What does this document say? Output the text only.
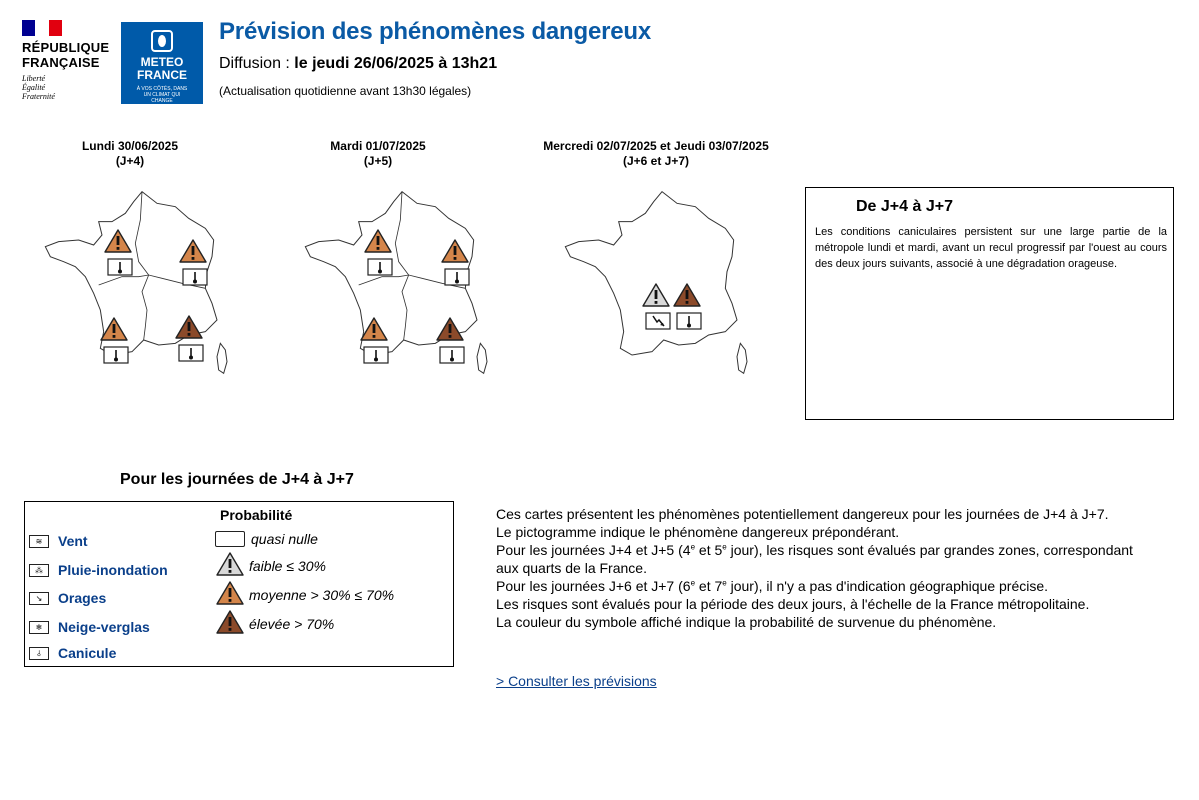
RÉPUBLIQUE
FRANÇAISE
Liberté
Égalité
Fraternité
METEO
FRANCE
À VOS CÔTÉS, DANS UN CLIMAT QUI CHANGE
Prévision des phénomènes dangereux
Diffusion : le jeudi 26/06/2025 à 13h21
(Actualisation quotidienne avant 13h30 légales)
Lundi 30/06/2025
(J+4)
Mardi 01/07/2025
(J+5)
Mercredi 02/07/2025 et Jeudi 03/07/2025
(J+6 et J+7)
De J+4 à J+7
Les conditions caniculaires persistent sur une large partie de la métropole lundi et mardi, avant un recul progressif par l'ouest au cours des deux jours suivants, associé à une dégradation orageuse.
Pour les journées de J+4 à J+7
Probabilité
≋	Vent
⁂	Pluie-inondation
↘	Orages
❄	Neige-verglas
⫰	Canicule
quasi nulle
faible ≤ 30%
moyenne > 30% ≤ 70%
élevée > 70%

Ces cartes présentent les phénomènes potentiellement dangereux pour les journées de J+4 à J+7.

Le pictogramme indique le phénomène dangereux prépondérant.

Pour les journées J+4 et J+5 (4e et 5e jour), les risques sont évalués par grandes zones, correspondant aux quarts de la France.

Pour les journées J+6 et J+7 (6e et 7e jour), il n'y a pas d'indication géographique précise.

Les risques sont évalués pour la période des deux jours, à l'échelle de la France métropolitaine.

La couleur du symbole affiché indique la probabilité de survenue du phénomène.

> Consulter les prévisions
